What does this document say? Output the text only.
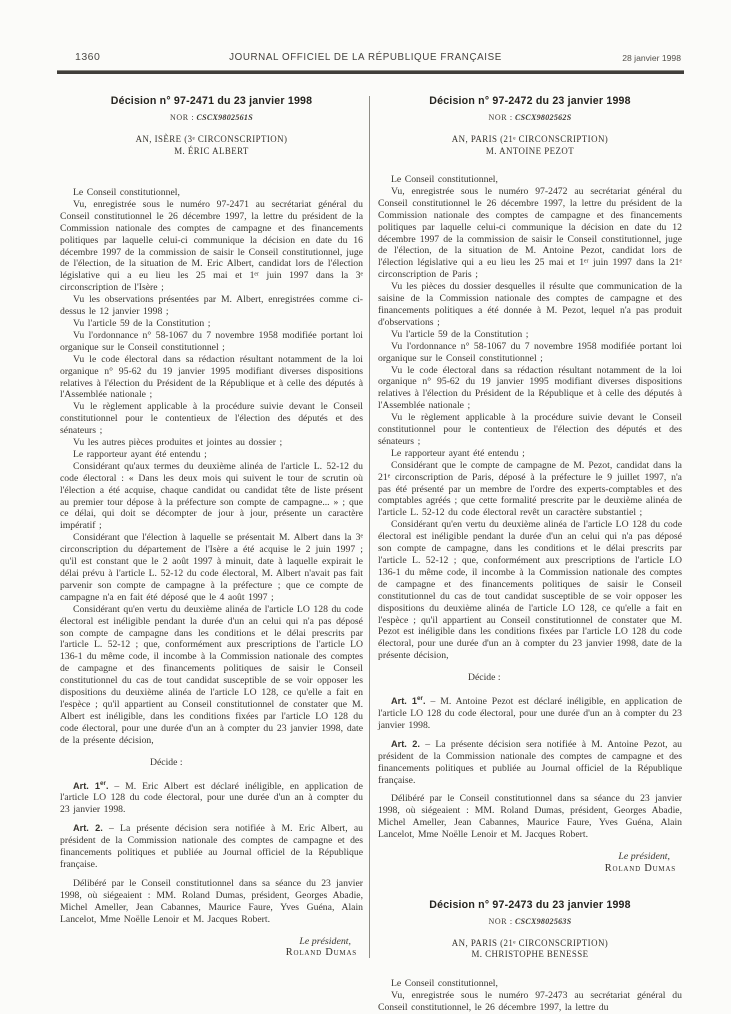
1360	JOURNAL OFFICIEL DE LA RÉPUBLIQUE FRANÇAISE	28 janvier 1998

Décision n° 97-2471 du 23 janvier 1998

NOR : CSCX9802561S

AN, ISÈRE (3ᵉ CIRCONSCRIPTION)

M. ÉRIC ALBERT

Le Conseil constitutionnel,

Vu, enregistrée sous le numéro 97-2471 au secrétariat général du Conseil constitutionnel le 26 décembre 1997, la lettre du président de la Commission nationale des comptes de campagne et des financements politiques par laquelle celui-ci communique la décision en date du 16 décembre 1997 de la commission de saisir le Conseil constitutionnel, juge de l'élection, de la situation de M. Eric Albert, candidat lors de l'élection législative qui a eu lieu les 25 mai et 1ᵉʳ juin 1997 dans la 3ᵉ circonscription de l'Isère ;

Vu les observations présentées par M. Albert, enregistrées comme ci-dessus le 12 janvier 1998 ;

Vu l'article 59 de la Constitution ;

Vu l'ordonnance n° 58-1067 du 7 novembre 1958 modifiée portant loi organique sur le Conseil constitutionnel ;

Vu le code électoral dans sa rédaction résultant notamment de la loi organique n° 95-62 du 19 janvier 1995 modifiant diverses dispositions relatives à l'élection du Président de la République et à celle des députés à l'Assemblée nationale ;

Vu le règlement applicable à la procédure suivie devant le Conseil constitutionnel pour le contentieux de l'élection des députés et des sénateurs ;

Vu les autres pièces produites et jointes au dossier ;

Le rapporteur ayant été entendu ;

Considérant qu'aux termes du deuxième alinéa de l'article L. 52-12 du code électoral : « Dans les deux mois qui suivent le tour de scrutin où l'élection a été acquise, chaque candidat ou candidat tête de liste présent au premier tour dépose à la préfecture son compte de campagne... » ; que ce délai, qui doit se décompter de jour à jour, présente un caractère impératif ;

Considérant que l'élection à laquelle se présentait M. Albert dans la 3ᵉ circonscription du département de l'Isère a été acquise le 2 juin 1997 ; qu'il est constant que le 2 août 1997 à minuit, date à laquelle expirait le délai prévu à l'article L. 52-12 du code électoral, M. Albert n'avait pas fait parvenir son compte de campagne à la préfecture ; que ce compte de campagne n'a en fait été déposé que le 4 août 1997 ;

Considérant qu'en vertu du deuxième alinéa de l'article LO 128 du code électoral est inéligible pendant la durée d'un an celui qui n'a pas déposé son compte de campagne dans les conditions et le délai prescrits par l'article L. 52-12 ; que, conformément aux prescriptions de l'article LO 136-1 du même code, il incombe à la Commission nationale des comptes de campagne et des financements politiques de saisir le Conseil constitutionnel du cas de tout candidat susceptible de se voir opposer les dispositions du deuxième alinéa de l'article LO 128, ce qu'elle a fait en l'espèce ; qu'il appartient au Conseil constitutionnel de constater que M. Albert est inéligible, dans les conditions fixées par l'article LO 128 du code électoral, pour une durée d'un an à compter du 23 janvier 1998, date de la présente décision,

Décide :

Art. 1er. – M. Eric Albert est déclaré inéligible, en application de l'article LO 128 du code électoral, pour une durée d'un an à compter du 23 janvier 1998.

Art. 2. – La présente décision sera notifiée à M. Eric Albert, au président de la Commission nationale des comptes de campagne et des financements politiques et publiée au Journal officiel de la République française.

Délibéré par le Conseil constitutionnel dans sa séance du 23 janvier 1998, où siégeaient : MM. Roland Dumas, président, Georges Abadie, Michel Ameller, Jean Cabannes, Maurice Faure, Yves Guéna, Alain Lancelot, Mme Noëlle Lenoir et M. Jacques Robert.

Le président,

Roland Dumas

Décision n° 97-2472 du 23 janvier 1998

NOR : CSCX9802562S

AN, PARIS (21ᵉ CIRCONSCRIPTION)

M. ANTOINE PEZOT

Le Conseil constitutionnel,

Vu, enregistrée sous le numéro 97-2472 au secrétariat général du Conseil constitutionnel le 26 décembre 1997, la lettre du président de la Commission nationale des comptes de campagne et des financements politiques par laquelle celui-ci communique la décision en date du 12 décembre 1997 de la commission de saisir le Conseil constitutionnel, juge de l'élection, de la situation de M. Antoine Pezot, candidat lors de l'élection législative qui a eu lieu les 25 mai et 1ᵉʳ juin 1997 dans la 21ᵉ circonscription de Paris ;

Vu les pièces du dossier desquelles il résulte que communication de la saisine de la Commission nationale des comptes de campagne et des financements politiques a été donnée à M. Pezot, lequel n'a pas produit d'observations ;

Vu l'article 59 de la Constitution ;

Vu l'ordonnance n° 58-1067 du 7 novembre 1958 modifiée portant loi organique sur le Conseil constitutionnel ;

Vu le code électoral dans sa rédaction résultant notamment de la loi organique n° 95-62 du 19 janvier 1995 modifiant diverses dispositions relatives à l'élection du Président de la République et à celle des députés à l'Assemblée nationale ;

Vu le règlement applicable à la procédure suivie devant le Conseil constitutionnel pour le contentieux de l'élection des députés et des sénateurs ;

Le rapporteur ayant été entendu ;

Considérant que le compte de campagne de M. Pezot, candidat dans la 21ᵉ circonscription de Paris, déposé à la préfecture le 9 juillet 1997, n'a pas été présenté par un membre de l'ordre des experts-comptables et des comptables agréés ; que cette formalité prescrite par le deuxième alinéa de l'article L. 52-12 du code électoral revêt un caractère substantiel ;

Considérant qu'en vertu du deuxième alinéa de l'article LO 128 du code électoral est inéligible pendant la durée d'un an celui qui n'a pas déposé son compte de campagne, dans les conditions et le délai prescrits par l'article L. 52-12 ; que, conformément aux prescriptions de l'article LO 136-1 du même code, il incombe à la Commission nationale des comptes de campagne et des financements politiques de saisir le Conseil constitutionnel du cas de tout candidat susceptible de se voir opposer les dispositions du deuxième alinéa de l'article LO 128, ce qu'elle a fait en l'espèce ; qu'il appartient au Conseil constitutionnel de constater que M. Pezot est inéligible dans les conditions fixées par l'article LO 128 du code électoral, pour une durée d'un an à compter du 23 janvier 1998, date de la présente décision,

Décide :

Art. 1er. – M. Antoine Pezot est déclaré inéligible, en application de l'article LO 128 du code électoral, pour une durée d'un an à compter du 23 janvier 1998.

Art. 2. – La présente décision sera notifiée à M. Antoine Pezot, au président de la Commission nationale des comptes de campagne et des financements politiques et publiée au Journal officiel de la République française.

Délibéré par le Conseil constitutionnel dans sa séance du 23 janvier 1998, où siégeaient : MM. Roland Dumas, président, Georges Abadie, Michel Ameller, Jean Cabannes, Maurice Faure, Yves Guéna, Alain Lancelot, Mme Noëlle Lenoir et M. Jacques Robert.

Le président,

Roland Dumas

Décision n° 97-2473 du 23 janvier 1998

NOR : CSCX9802563S

AN, PARIS (21ᵉ CIRCONSCRIPTION)

M. CHRISTOPHE BENESSE

Le Conseil constitutionnel,

Vu, enregistrée sous le numéro 97-2473 au secrétariat général du Conseil constitutionnel, le 26 décembre 1997, la lettre du
